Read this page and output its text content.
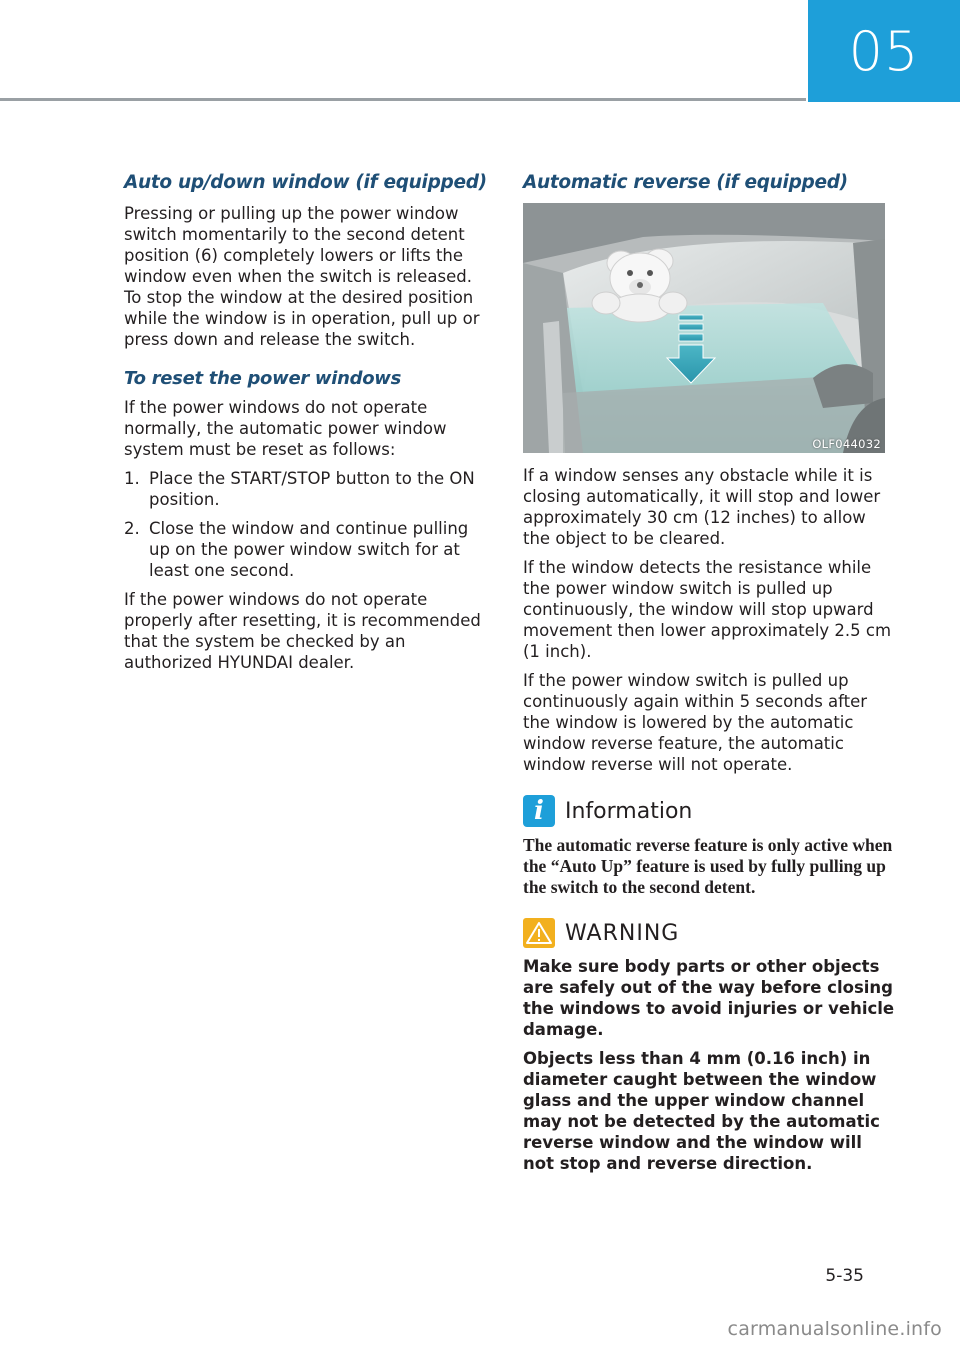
05
Auto up/down window (if equipped)

Pressing or pulling up the power window switch momentarily to the second detent position (6) completely lowers or lifts the window even when the switch is released. To stop the window at the desired position while the window is in operation, pull up or press down and release the switch.

To reset the power windows

If the power windows do not operate normally, the automatic power window system must be reset as follows:

1. Place the START/STOP button to the ON position.
2. Close the window and continue pulling up on the power window switch for at least one second.

If the power windows do not operate properly after resetting, it is recommended that the system be checked by an authorized HYUNDAI dealer.

Automatic reverse (if equipped)
OLF044032

If a window senses any obstacle while it is closing automatically, it will stop and lower approximately 30 cm (12 inches) to allow the object to be cleared.

If the window detects the resistance while the power window switch is pulled up continuously, the window will stop upward movement then lower approximately 2.5 cm (1 inch).

If the power window switch is pulled up continuously again within 5 seconds after the window is lowered by the automatic window reverse feature, the automatic window reverse will not operate.

i Information

The automatic reverse feature is only active when the “Auto Up” feature is used by fully pulling up the switch to the second detent.

WARNING

Make sure body parts or other objects are safely out of the way before closing the windows to avoid injuries or vehicle damage.

Objects less than 4 mm (0.16 inch) in diameter caught between the window glass and the upper window channel may not be detected by the automatic reverse window and the window will not stop and reverse direction.

5-35
carmanualsonline.info
